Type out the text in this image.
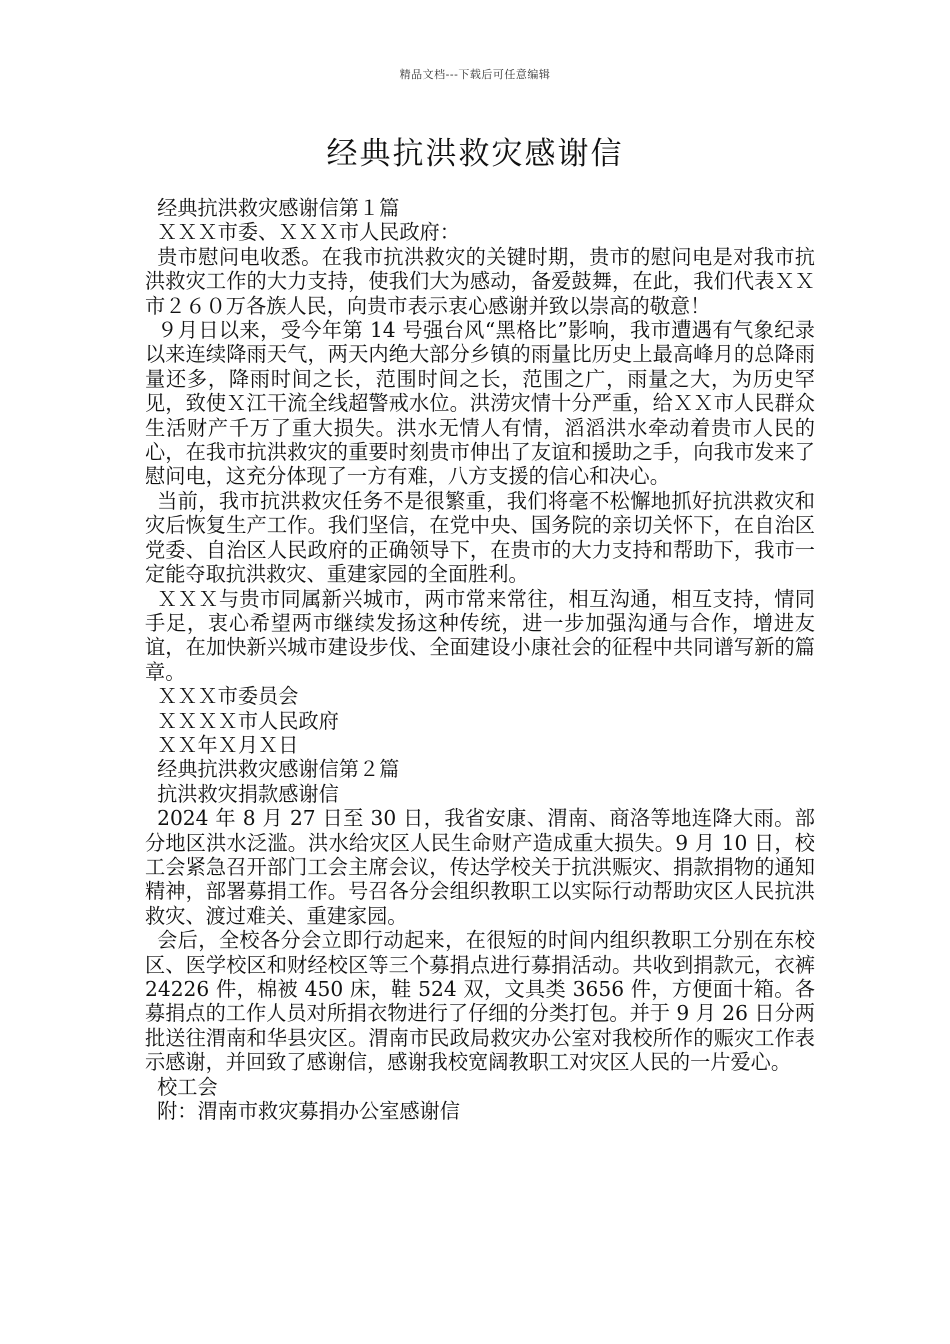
精品文档---下载后可任意编辑
经典抗洪救灾感谢信

经典抗洪救灾感谢信第１篇

ＸＸＸ市委、ＸＸＸ市人民政府：

贵市慰问电收悉。在我市抗洪救灾的关键时期，贵市的慰问电是对我市抗洪救灾工作的大力支持，使我们大为感动，备爱鼓舞，在此，我们代表ＸＸ市２６０万各族人民，向贵市表示衷心感谢并致以崇高的敬意！

９月日以来，受今年第 14 号强台风“黑格比”影响，我市遭遇有气象纪录以来连续降雨天气，两天内绝大部分乡镇的雨量比历史上最高峰月的总降雨量还多，降雨时间之长，范围时间之长，范围之广，雨量之大，为历史罕见，致使Ｘ江干流全线超警戒水位。洪涝灾情十分严重，给ＸＸ市人民群众生活财产千万了重大损失。洪水无情人有情，滔滔洪水牵动着贵市人民的心，在我市抗洪救灾的重要时刻贵市伸出了友谊和援助之手，向我市发来了慰问电，这充分体现了一方有难，八方支援的信心和决心。

当前，我市抗洪救灾任务不是很繁重，我们将毫不松懈地抓好抗洪救灾和灾后恢复生产工作。我们坚信，在党中央、国务院的亲切关怀下，在自治区党委、自治区人民政府的正确领导下，在贵市的大力支持和帮助下，我市一定能夺取抗洪救灾、重建家园的全面胜利。

ＸＸＸ与贵市同属新兴城市，两市常来常往，相互沟通，相互支持，情同手足，衷心希望两市继续发扬这种传统，进一步加强沟通与合作，增进友谊，在加快新兴城市建设步伐、全面建设小康社会的征程中共同谱写新的篇章。

ＸＸＸ市委员会

ＸＸＸＸ市人民政府

ＸＸ年Ｘ月Ｘ日

经典抗洪救灾感谢信第２篇

抗洪救灾捐款感谢信

2024 年 8 月 27 日至 30 日，我省安康、渭南、商洛等地连降大雨。部分地区洪水泛滥。洪水给灾区人民生命财产造成重大损失。9 月 10 日，校工会紧急召开部门工会主席会议，传达学校关于抗洪赈灾、捐款捐物的通知精神，部署募捐工作。号召各分会组织教职工以实际行动帮助灾区人民抗洪救灾、渡过难关、重建家园。

会后，全校各分会立即行动起来，在很短的时间内组织教职工分别在东校区、医学校区和财经校区等三个募捐点进行募捐活动。共收到捐款元，衣裤 24226 件，棉被 450 床，鞋 524 双，文具类 3656 件，方便面十箱。各募捐点的工作人员对所捐衣物进行了仔细的分类打包。并于 9 月 26 日分两批送往渭南和华县灾区。渭南市民政局救灾办公室对我校所作的赈灾工作表示感谢，并回致了感谢信，感谢我校宽阔教职工对灾区人民的一片爱心。

校工会

附：渭南市救灾募捐办公室感谢信
